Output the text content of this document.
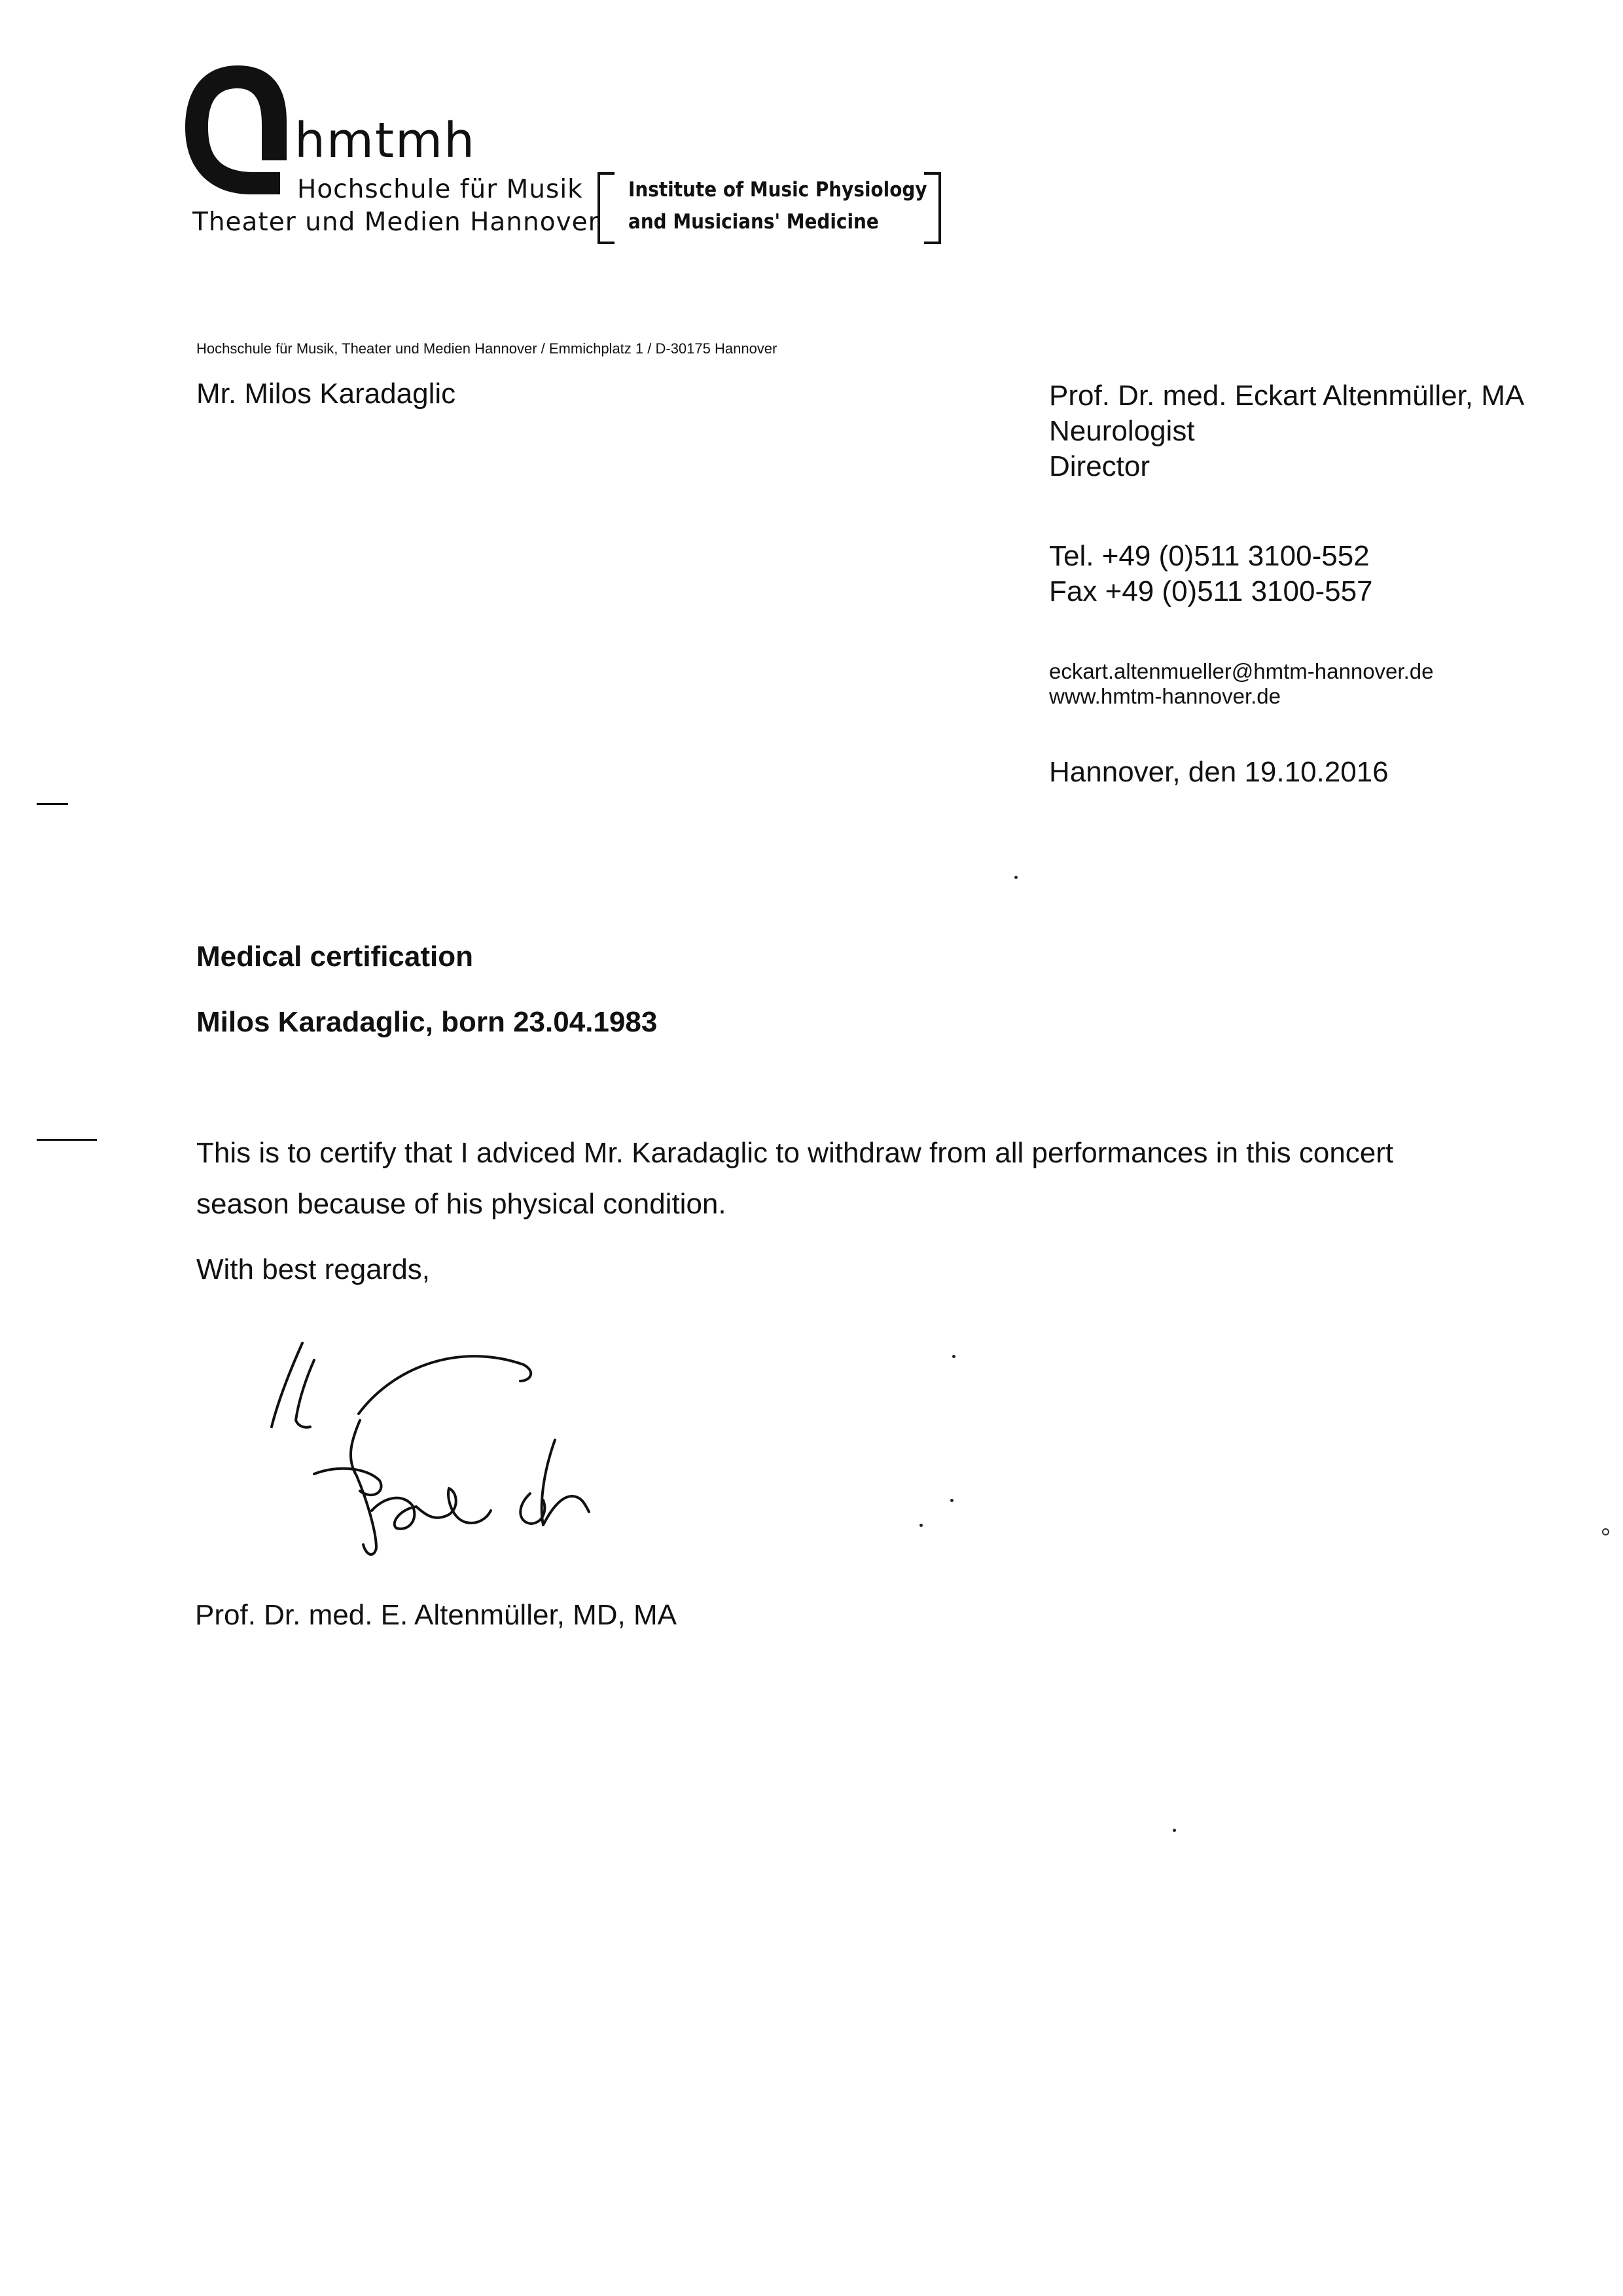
hmtmh
Hochschule für Musik
Theater und Medien Hannover
Institute of Music Physiology
and Musicians' Medicine
Hochschule für Musik, Theater und Medien Hannover / Emmichplatz 1 / D-30175 Hannover
Mr. Milos Karadaglic	Prof. Dr. med. Eckart Altenmüller, MA
Neurologist
Director
Tel. +49 (0)511 3100-552
Fax +49 (0)511 3100-557
eckart.altenmueller@hmtm-hannover.de
www.hmtm-hannover.de
Hannover, den 19.10.2016
Medical certification
Milos Karadaglic, born 23.04.1983
This is to certify that I adviced Mr. Karadaglic to withdraw from all performances in this concert
season because of his physical condition.
With best regards,
Prof. Dr. med. E. Altenmüller, MD, MA
